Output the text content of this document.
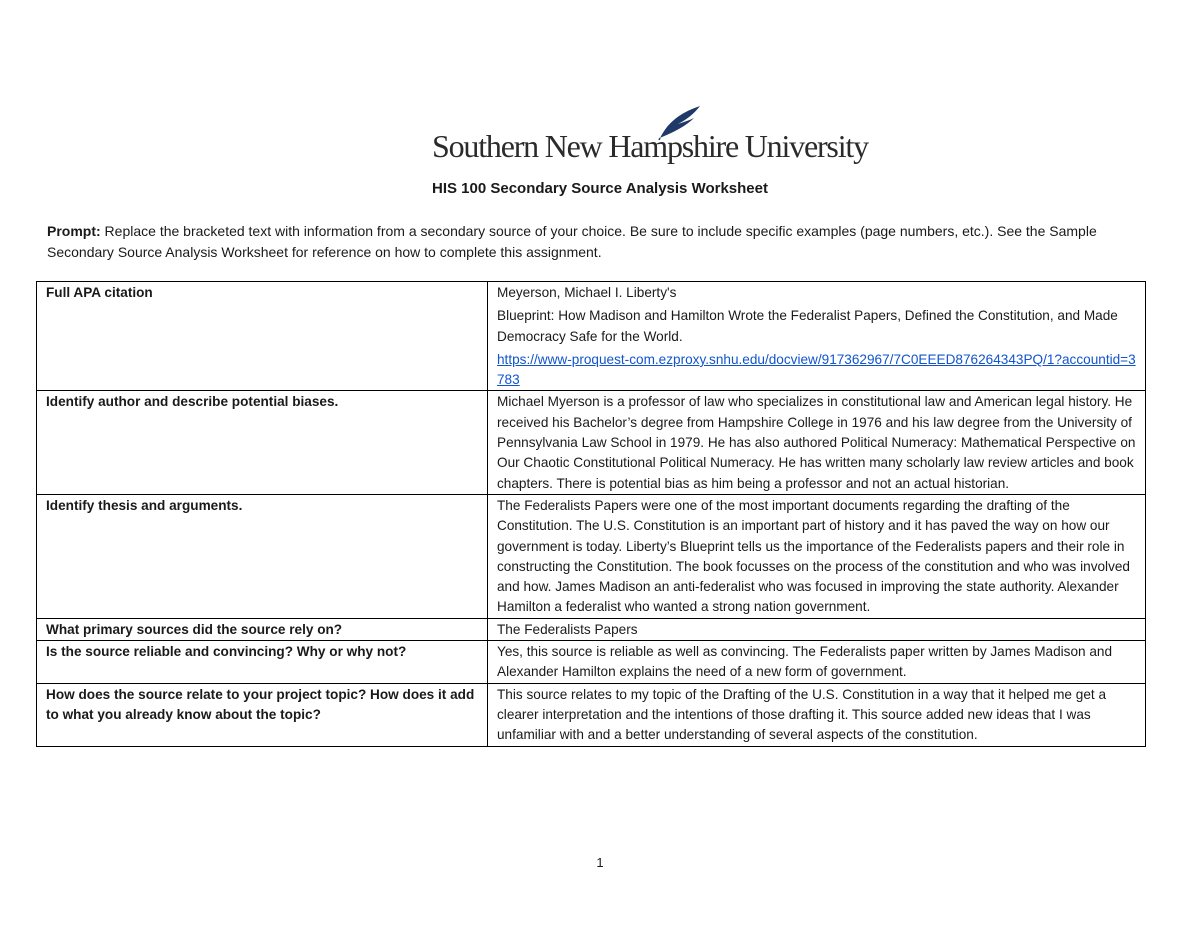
Southern New Hampshire University
HIS 100 Secondary Source Analysis Worksheet

Prompt: Replace the bracketed text with information from a secondary source of your choice. Be sure to include specific examples (page numbers, etc.). See the Sample Secondary Source Analysis Worksheet for reference on how to complete this assignment.

Full APA citation	Meyerson, Michael I. Liberty's
Blueprint: How Madison and Hamilton Wrote the Federalist Papers, Defined the Constitution, and Made Democracy Safe for the World.
https://www-proquest-com.ezproxy.snhu.edu/docview/917362967/7C0EEED876264343PQ/1?accountid=3783
Identify author and describe potential biases.	Michael Myerson is a professor of law who specializes in constitutional law and American legal history. He received his Bachelor’s degree from Hampshire College in 1976 and his law degree from the University of Pennsylvania Law School in 1979. He has also authored Political Numeracy: Mathematical Perspective on Our Chaotic Constitutional Political Numeracy. He has written many scholarly law review articles and book chapters. There is potential bias as him being a professor and not an actual historian.
Identify thesis and arguments.	The Federalists Papers were one of the most important documents regarding the drafting of the Constitution. The U.S. Constitution is an important part of history and it has paved the way on how our government is today. Liberty’s Blueprint tells us the importance of the Federalists papers and their role in constructing the Constitution. The book focusses on the process of the constitution and who was involved and how. James Madison an anti-federalist who was focused in improving the state authority. Alexander Hamilton a federalist who wanted a strong nation government.
What primary sources did the source rely on?	The Federalists Papers
Is the source reliable and convincing? Why or why not?	Yes, this source is reliable as well as convincing. The Federalists paper written by James Madison and Alexander Hamilton explains the need of a new form of government.
How does the source relate to your project topic? How does it add to what you already know about the topic?	This source relates to my topic of the Drafting of the U.S. Constitution in a way that it helped me get a clearer interpretation and the intentions of those drafting it. This source added new ideas that I was unfamiliar with and a better understanding of several aspects of the constitution.
1
